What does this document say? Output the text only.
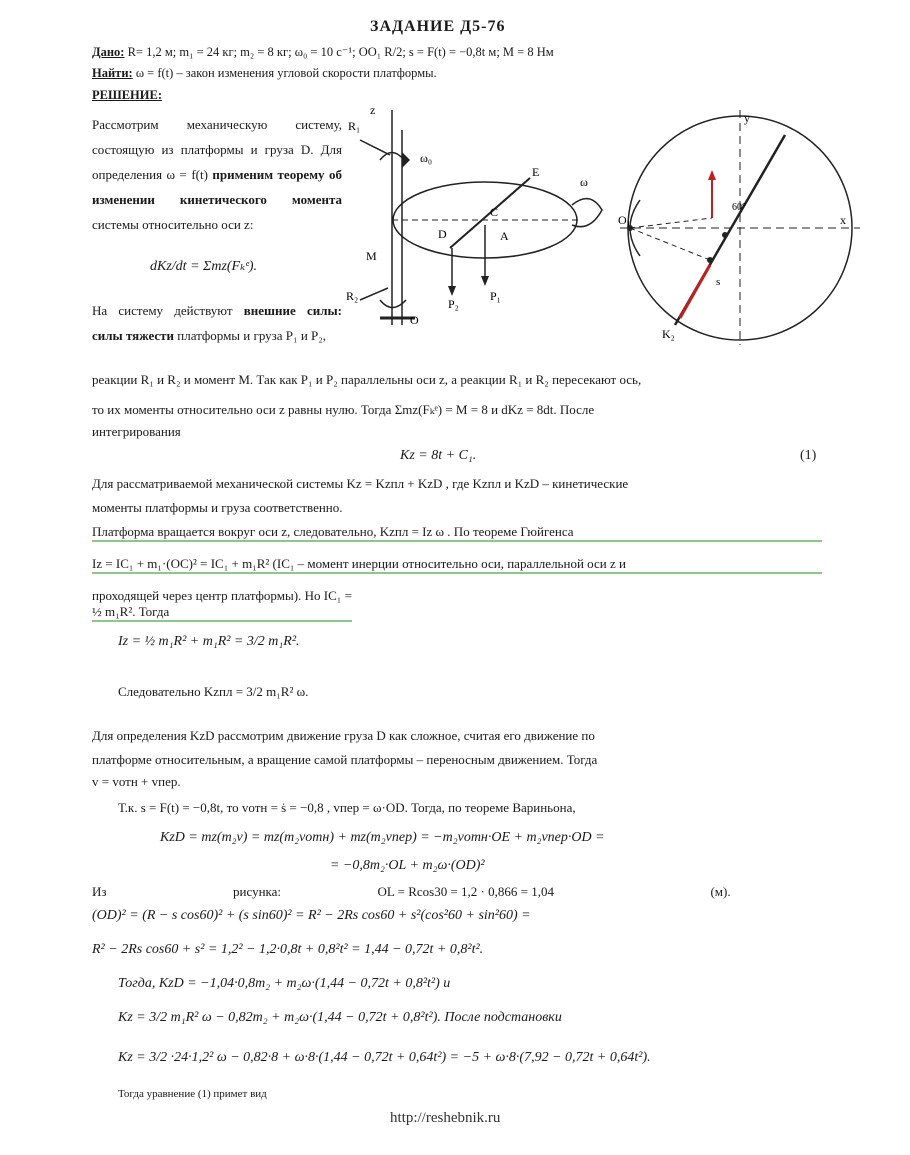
ЗАДАНИЕ Д5-76
Дано: R= 1,2 м; m₁ = 24 кг; m₂ = 8 кг; ω₀ = 10 с⁻¹; OO₁ R/2; s = F(t) = −0,8t м; M = 8 Нм
Найти: ω = f(t) – закон изменения угловой скорости платформы.
РЕШЕНИЕ:
Рассмотрим механическую систему, состоящую из платформы и груза D. Для определения ω = f(t) применим теорему об изменении кинетического момента системы относительно оси z:
dKz/dt = Σmz(Fₖᵉ).
На систему действуют внешние силы: силы тяжести платформы и груза P₁ и P₂,
R₁
R₂	P₁
P₂
C
D	A
E
M
O
O₁
ω₀
ω
z
x
y
60°
s
K₂
реакции R₁ и R₂ и момент M. Так как P₁ и P₂ параллельны оси z, а реакции R₁ и R₂ пересекают ось,
то их моменты относительно оси z равны нулю. Тогда Σmz(Fₖᵉ) = M = 8 и dKz = 8dt. После
интегрирования
Kz = 8t + C₁.	(1)
Для рассматриваемой механической системы Kz = Kzпл + KzD , где Kzпл и KzD – кинетические
моменты платформы и груза соответственно.
Платформа вращается вокруг оси z, следовательно, Kzпл = Iz ω . По теореме Гюйгенса
Iz = IC₁ + m₁·(OC)² = IC₁ + m₁R² (IC₁ – момент инерции относительно оси, параллельной оси z и
проходящей через центр платформы). Но IC₁ = ½ m₁R². Тогда
Iz = ½ m₁R² + m₁R² = 3/2 m₁R².
Следовательно Kzпл = 3/2 m₁R² ω.
Для определения KzD рассмотрим движение груза D как сложное, считая его движение по
платформе относительным, а вращение самой платформы – переносным движением. Тогда
v = vотн + vпер.
Т.к. s = F(t) = −0,8t, то vотн = ṡ = −0,8 , vпер = ω·OD. Тогда, по теореме Вариньона,
KzD = mz(m₂v) = mz(m₂vотн) + mz(m₂vпер) = −m₂vотн·OE + m₂vпер·OD =
= −0,8m₂·OL + m₂ω·(OD)²
Из	рисунка:	OL = Rcos30 = 1,2 · 0,866 = 1,04	(м).
(OD)² = (R − s cos60)² + (s sin60)² = R² − 2Rs cos60 + s²(cos²60 + sin²60) =
R² − 2Rs cos60 + s² = 1,2² − 1,2·0,8t + 0,8²t² = 1,44 − 0,72t + 0,8²t².
Тогда, KzD = −1,04·0,8m₂ + m₂ω·(1,44 − 0,72t + 0,8²t²) и
Kz = 3/2 m₁R² ω − 0,82m₂ + m₂ω·(1,44 − 0,72t + 0,8²t²). После подстановки
Kz = 3/2 ·24·1,2² ω − 0,82·8 + ω·8·(1,44 − 0,72t + 0,64t²) = −5 + ω·8·(7,92 − 0,72t + 0,64t²).
Тогда уравнение (1) примет вид
http://reshebnik.ru
